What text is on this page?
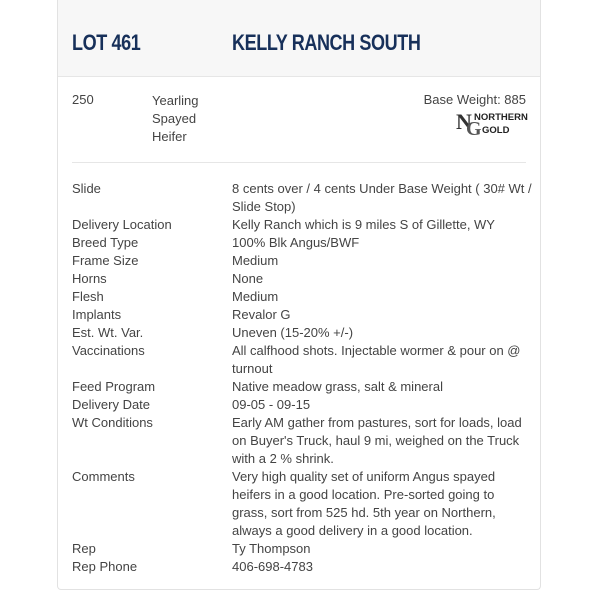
LOT 461	KELLY RANCH SOUTH
250	Yearling
Spayed
Heifer
Base Weight: 885
N
G
NORTHERN
GOLD
Slide	8 cents over / 4 cents Under Base Weight ( 30# Wt / Slide Stop)
Delivery Location	Kelly Ranch which is 9 miles S of Gillette, WY
Breed Type	100% Blk Angus/BWF
Frame Size	Medium
Horns	None
Flesh	Medium
Implants	Revalor G
Est. Wt. Var.	Uneven (15-20% +/-)
Vaccinations	All calfhood shots. Injectable wormer & pour on @ turnout
Feed Program	Native meadow grass, salt & mineral
Delivery Date	09-05 - 09-15
Wt Conditions	Early AM gather from pastures, sort for loads, load on Buyer's Truck, haul 9 mi, weighed on the Truck with a 2 % shrink.
Comments	Very high quality set of uniform Angus spayed heifers in a good location. Pre-sorted going to grass, sort from 525 hd. 5th year on Northern, always a good delivery in a good location.
Rep	Ty Thompson
Rep Phone	406-698-4783
